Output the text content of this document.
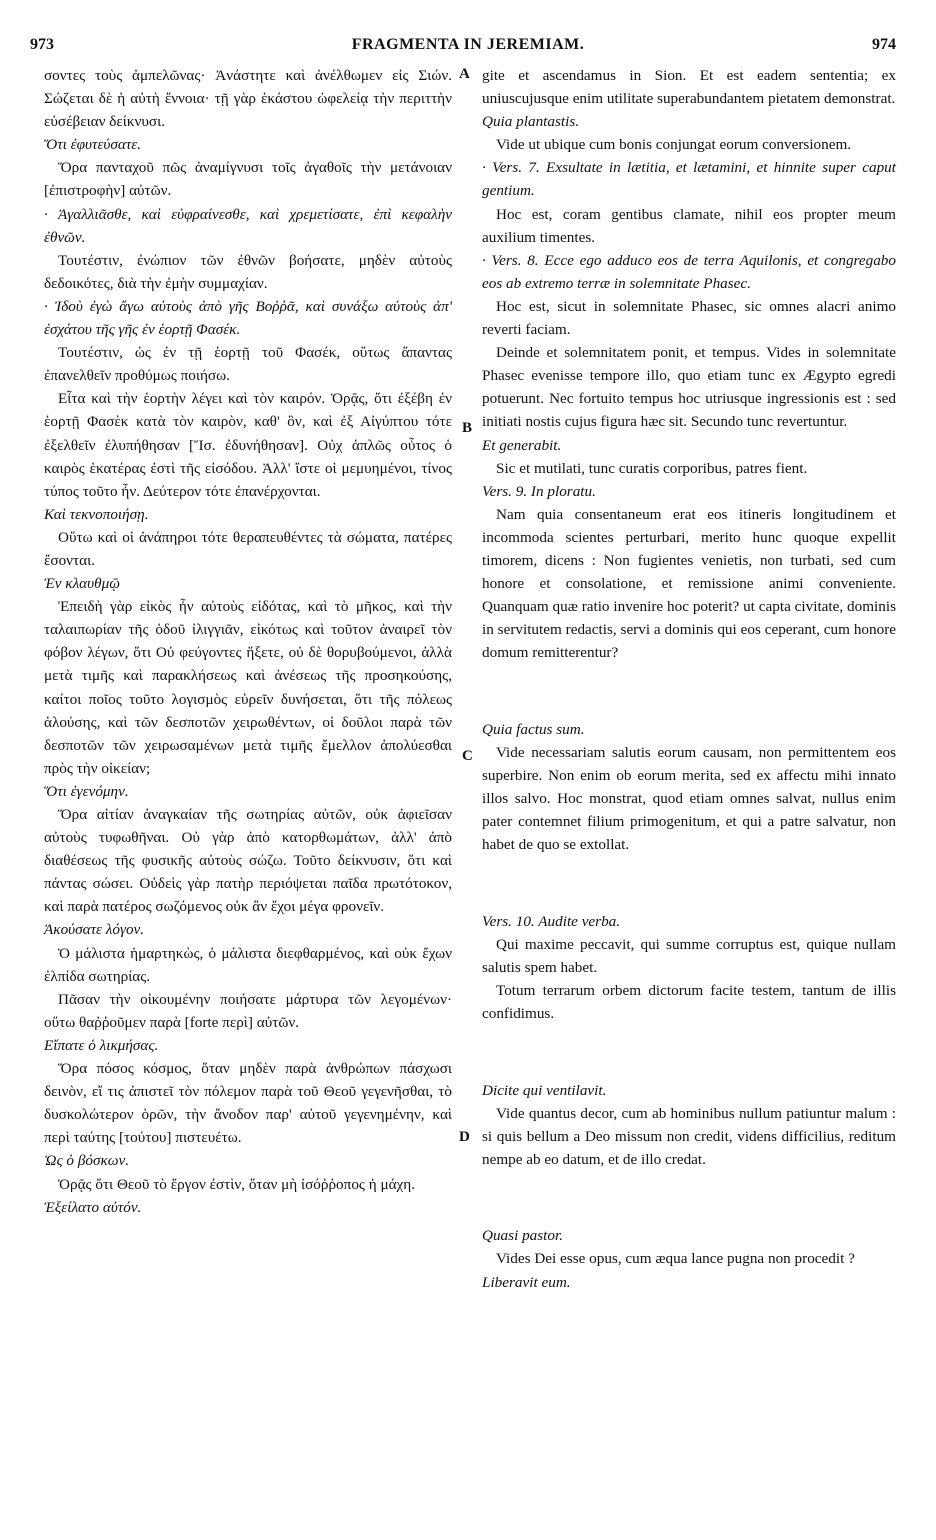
973	FRAGMENTA IN JEREMIAM.	974

σοντες τοὺς ἀμπελῶνας· Ἀνάστητε καὶ ἀνέλθωμεν εἰς Σιών. Σώζεται δὲ ἡ αὐτὴ ἔννοια· τῇ γὰρ ἑκάστου ὠφελείᾳ τὴν περιττὴν εὐσέβειαν δείκνυσι.

Ὅτι ἐφυτεύσατε.

Ὅρα πανταχοῦ πῶς ἀναμίγνυσι τοῖς ἀγαθοῖς τὴν μετάνοιαν [ἐπιστροφὴν] αὐτῶν.

· Ἀγαλλιᾶσθε, καὶ εὐφραίνεσθε, καὶ χρεμετίσατε, ἐπὶ κεφαλὴν ἐθνῶν.

Τουτέστιν, ἐνώπιον τῶν ἐθνῶν βοήσατε, μηδὲν αὐτοὺς δεδοικότες, διὰ τὴν ἐμὴν συμμαχίαν.

· Ἰδοὺ ἐγὼ ἄγω αὐτοὺς ἀπὸ γῆς Βοῤῥᾶ, καὶ συνάξω αὐτοὺς ἀπ' ἐσχάτου τῆς γῆς ἐν ἑορτῇ Φασέκ.

Τουτέστιν, ὡς ἐν τῇ ἑορτῇ τοῦ Φασέκ, οὕτως ἅπαντας ἐπανελθεῖν προθύμως ποιήσω.

Εἶτα καὶ τὴν ἑορτὴν λέγει καὶ τὸν καιρόν. Ὁρᾷς, ὅτι ἐξέβη ἐν ἑορτῇ Φασὲκ κατὰ τὸν καιρὸν, καθ' ὃν, καὶ ἐξ Αἰγύπτου τότε ἐξελθεῖν ἐλυπήθησαν [Ἴσ. ἐδυνήθησαν]. Οὐχ ἁπλῶς οὗτος ὁ καιρὸς ἑκατέρας ἐστὶ τῆς εἰσόδου. Ἀλλ' ἴστε οἱ μεμυημένοι, τίνος τύπος τοῦτο ἦν. Δεύτερον τότε ἐπανέρχονται.

Καὶ τεκνοποιήσῃ.

Οὕτω καὶ οἱ ἀνάπηροι τότε θεραπευθέντες τὰ σώματα, πατέρες ἔσονται.

Ἐν κλαυθμῷ

Ἐπειδὴ γὰρ εἰκὸς ἦν αὐτοὺς εἰδότας, καὶ τὸ μῆκος, καὶ τὴν ταλαιπωρίαν τῆς ὁδοῦ ἰλιγγιᾶν, εἰκότως καὶ τοῦτον ἀναιρεῖ τὸν φόβον λέγων, ὅτι Οὐ φεύγοντες ἥξετε, οὐ δὲ θορυβούμενοι, ἀλλὰ μετὰ τιμῆς καὶ παρακλήσεως καὶ ἀνέσεως τῆς προσηκούσης, καίτοι ποῖος τοῦτο λογισμὸς εὑρεῖν δυνήσεται, ὅτι τῆς πόλεως ἁλούσης, καὶ τῶν δεσποτῶν χειρωθέντων, οἱ δοῦλοι παρὰ τῶν δεσποτῶν τῶν χειρωσαμένων μετὰ τιμῆς ἔμελλον ἀπολύεσθαι πρὸς τὴν οἰκείαν;

Ὅτι ἐγενόμην.

Ὅρα αἰτίαν ἀναγκαίαν τῆς σωτηρίας αὐτῶν, οὐκ ἀφιεῖσαν αὐτοὺς τυφωθῆναι. Οὐ γὰρ ἀπὸ κατορθωμάτων, ἀλλ' ἀπὸ διαθέσεως τῆς φυσικῆς αὐτοὺς σώζω. Τοῦτο δείκνυσιν, ὅτι καὶ πάντας σώσει. Οὐδεὶς γὰρ πατὴρ περιόψεται παῖδα πρωτότοκον, καὶ παρὰ πατέρος σωζόμενος οὐκ ἂν ἔχοι μέγα φρονεῖν.

Ἀκούσατε λόγον.

Ὁ μάλιστα ἡμαρτηκὼς, ὁ μάλιστα διεφθαρμένος, καὶ οὐκ ἔχων ἐλπίδα σωτηρίας.

Πᾶσαν τὴν οἰκουμένην ποιήσατε μάρτυρα τῶν λεγομένων· οὕτω θαῤῥοῦμεν παρὰ [forte περὶ] αὐτῶν.

Εἴπατε ὁ λικμήσας.

Ὅρα πόσος κόσμος, ὅταν μηδὲν παρὰ ἀνθρώπων πάσχωσι δεινὸν, εἴ τις ἀπιστεῖ τὸν πόλεμον παρὰ τοῦ Θεοῦ γεγενῆσθαι, τὸ δυσκολώτερον ὁρῶν, τὴν ἄνοδον παρ' αὐτοῦ γεγενημένην, καὶ περὶ ταύτης [τούτου] πιστευέτω.

Ὡς ὁ βόσκων.

Ὁρᾷς ὅτι Θεοῦ τὸ ἔργον ἐστὶν, ὅταν μὴ ἰσόῤῥοπος ἡ μάχη.

Ἐξείλατο αὐτόν.

gite et ascendamus in Sion. Et est eadem sententia; ex uniuscujusque enim utilitate superabundantem pietatem demonstrat.

Quia plantastis.

Vide ut ubique cum bonis conjungat eorum conversionem.

· Vers. 7. Exsultate in lætitia, et lætamini, et hinnite super caput gentium.

Hoc est, coram gentibus clamate, nihil eos propter meum auxilium timentes.

· Vers. 8. Ecce ego adduco eos de terra Aquilonis, et congregabo eos ab extremo terræ in solemnitate Phasec.

Hoc est, sicut in solemnitate Phasec, sic omnes alacri animo reverti faciam.

Deinde et solemnitatem ponit, et tempus. Vides in solemnitate Phasec evenisse tempore illo, quo etiam tunc ex Ægypto egredi potuerunt. Nec fortuito tempus hoc utriusque ingressionis est : sed initiati nostis cujus figura hæc sit. Secundo tunc revertuntur.

Et generabit.

Sic et mutilati, tunc curatis corporibus, patres fient.

Vers. 9. In ploratu.

Nam quia consentaneum erat eos itineris longitudinem et incommoda scientes perturbari, merito hunc quoque expellit timorem, dicens : Non fugientes venietis, non turbati, sed cum honore et consolatione, et remissione animi conveniente. Quanquam quæ ratio invenire hoc poterit? ut capta civitate, dominis in servitutem redactis, servi a dominis qui eos ceperant, cum honore domum remitterentur?

Quia factus sum.

Vide necessariam salutis eorum causam, non permittentem eos superbire. Non enim ob eorum merita, sed ex affectu mihi innato illos salvo. Hoc monstrat, quod etiam omnes salvat, nullus enim pater contemnet filium primogenitum, et qui a patre salvatur, non habet de quo se extollat.

Vers. 10. Audite verba.

Qui maxime peccavit, qui summe corruptus est, quique nullam salutis spem habet.

Totum terrarum orbem dictorum facite testem, tantum de illis confidimus.

Dicite qui ventilavit.

Vide quantus decor, cum ab hominibus nullum patiuntur malum : si quis bellum a Deo missum non credit, videns difficilius, reditum nempe ab eo datum, et de illo credat.

Quasi pastor.

Vides Dei esse opus, cum æqua lance pugna non procedit ?

Liberavit eum.

A
B
C
D
